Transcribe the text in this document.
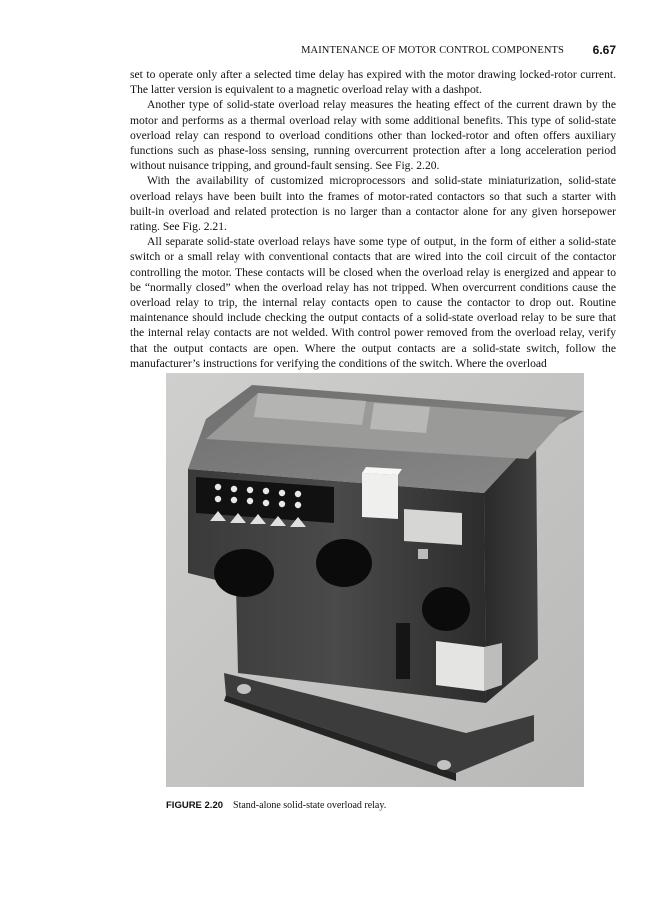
MAINTENANCE OF MOTOR CONTROL COMPONENTS 6.67

set to operate only after a selected time delay has expired with the motor drawing locked-rotor current. The latter version is equivalent to a magnetic overload relay with a dashpot.

Another type of solid-state overload relay measures the heating effect of the current drawn by the motor and performs as a thermal overload relay with some additional benefits. This type of solid-state overload relay can respond to overload conditions other than locked-rotor and often offers auxiliary functions such as phase-loss sensing, running overcurrent protection after a long acceleration period without nuisance tripping, and ground-fault sensing. See Fig. 2.20.

With the availability of customized microprocessors and solid-state miniaturization, solid-state overload relays have been built into the frames of motor-rated contactors so that such a starter with built-in overload and related protection is no larger than a contactor alone for any given horsepower rating. See Fig. 2.21.

All separate solid-state overload relays have some type of output, in the form of either a solid-state switch or a small relay with conventional contacts that are wired into the coil circuit of the contactor controlling the motor. These contacts will be closed when the overload relay is energized and appear to be “normally closed” when the overload relay has not tripped. When overcurrent conditions cause the overload relay to trip, the internal relay contacts open to cause the contactor to drop out. Routine maintenance should include checking the output contacts of a solid-state overload relay to be sure that the internal relay contacts are not welded. With control power removed from the overload relay, verify that the output contacts are open. Where the output contacts are a solid-state switch, follow the manufacturer’s instructions for verifying the conditions of the switch. Where the overload

FIGURE 2.20 Stand-alone solid-state overload relay.
